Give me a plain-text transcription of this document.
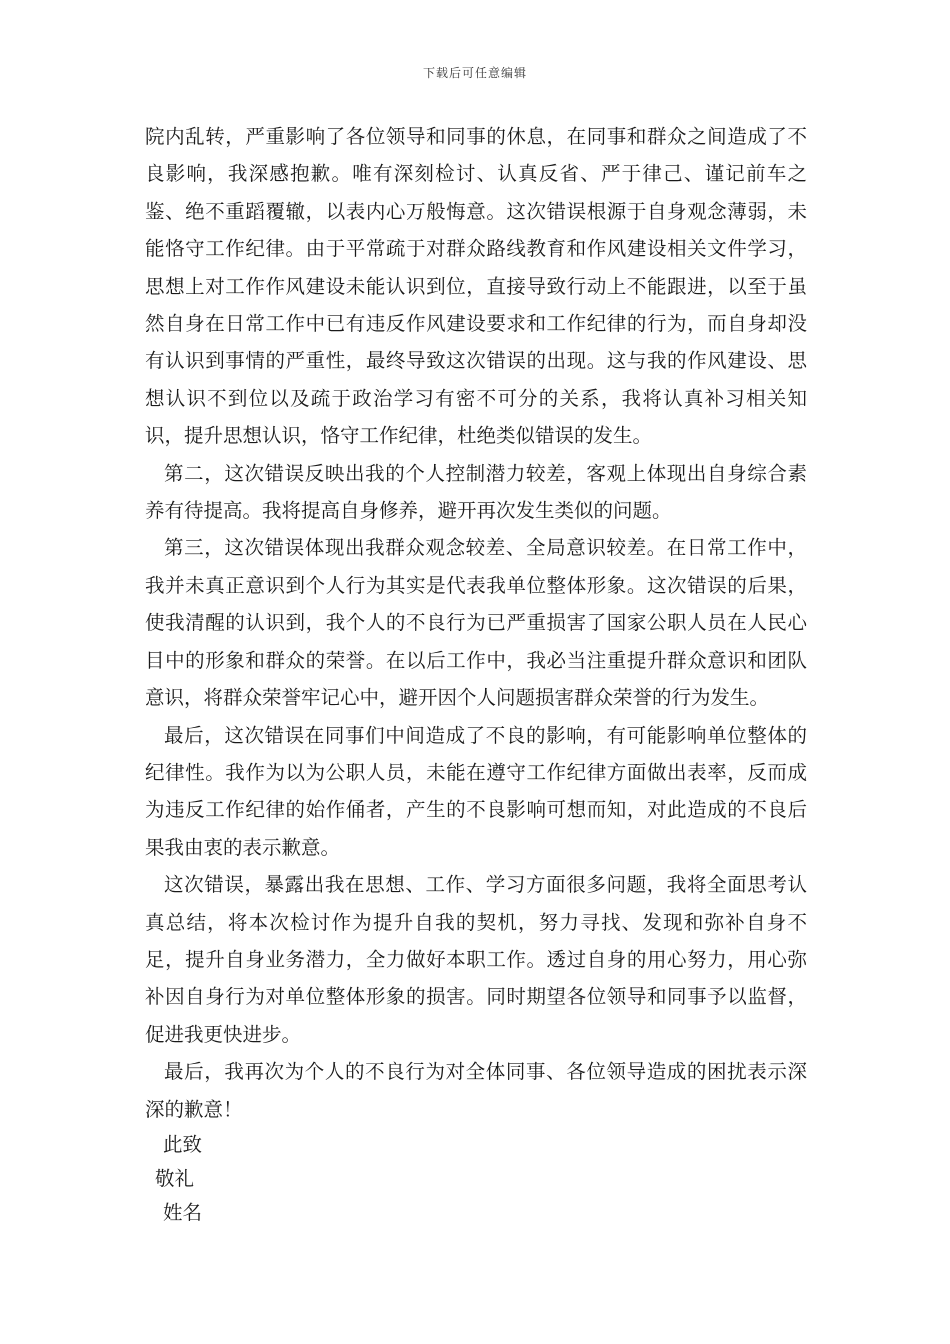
下载后可任意编辑

院内乱转，严重影响了各位领导和同事的休息，在同事和群众之间造成了不良影响，我深感抱歉。唯有深刻检讨、认真反省、严于律己、谨记前车之鉴、绝不重蹈覆辙，以表内心万般悔意。这次错误根源于自身观念薄弱，未能恪守工作纪律。由于平常疏于对群众路线教育和作风建设相关文件学习，思想上对工作作风建设未能认识到位，直接导致行动上不能跟进，以至于虽然自身在日常工作中已有违反作风建设要求和工作纪律的行为，而自身却没有认识到事情的严重性，最终导致这次错误的出现。这与我的作风建设、思想认识不到位以及疏于政治学习有密不可分的关系，我将认真补习相关知识，提升思想认识，恪守工作纪律，杜绝类似错误的发生。

第二，这次错误反映出我的个人控制潜力较差，客观上体现出自身综合素养有待提高。我将提高自身修养，避开再次发生类似的问题。

第三，这次错误体现出我群众观念较差、全局意识较差。在日常工作中，我并未真正意识到个人行为其实是代表我单位整体形象。这次错误的后果，使我清醒的认识到，我个人的不良行为已严重损害了国家公职人员在人民心目中的形象和群众的荣誉。在以后工作中，我必当注重提升群众意识和团队意识，将群众荣誉牢记心中，避开因个人问题损害群众荣誉的行为发生。

最后，这次错误在同事们中间造成了不良的影响，有可能影响单位整体的纪律性。我作为以为公职人员，未能在遵守工作纪律方面做出表率，反而成为违反工作纪律的始作俑者，产生的不良影响可想而知，对此造成的不良后果我由衷的表示歉意。

这次错误，暴露出我在思想、工作、学习方面很多问题，我将全面思考认真总结，将本次检讨作为提升自我的契机，努力寻找、发现和弥补自身不足，提升自身业务潜力，全力做好本职工作。透过自身的用心努力，用心弥补因自身行为对单位整体形象的损害。同时期望各位领导和同事予以监督，促进我更快进步。

最后，我再次为个人的不良行为对全体同事、各位领导造成的困扰表示深深的歉意！

此致

敬礼

姓名
